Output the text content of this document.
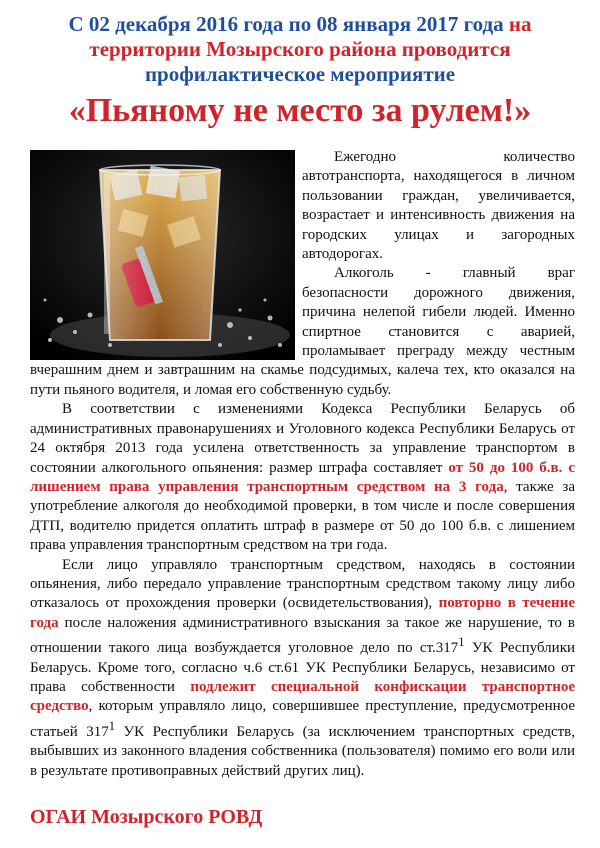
С 02 декабря 2016 года по 08 января 2017 года на
территории Мозырского района проводится
профилактическое мероприятие
«Пьяному не место за рулем!»

Ежегодно количество автотранспорта, находящегося в личном пользовании граждан, увеличивается, возрастает и интенсивность движения на городских улицах и загородных автодорогах.

Алкоголь - главный враг безопасности дорожного движения, причина нелепой гибели людей. Именно спиртное становится с аварией, проламывает преграду между честным вчерашним днем и завтрашним на скамье подсудимых, калеча тех, кто оказался на пути пьяного водителя, и ломая его собственную судьбу.

В соответствии с изменениями Кодекса Республики Беларусь об административных правонарушениях и Уголовного кодекса Республики Беларусь от 24 октября 2013 года усилена ответственность за управление транспортом в состоянии алкогольного опьянения: размер штрафа составляет от 50 до 100 б.в. с лишением права управления транспортным средством на 3 года, также за употребление алкоголя до необходимой проверки, в том числе и после совершения ДТП, водителю придется оплатить штраф в размере от 50 до 100 б.в. с лишением права управления транспортным средством на три года.

Если лицо управляло транспортным средством, находясь в состоянии опьянения, либо передало управление транспортным средством такому лицу либо отказалось от прохождения проверки (освидетельствования), повторно в течение года после наложения административного взыскания за такое же нарушение, то в отношении такого лица возбуждается уголовное дело по ст.317$^1$ УК Республики Беларусь. Кроме того, согласно ч.6 ст.61 УК Республики Беларусь, независимо от права собственности подлежит специальной конфискации транспортное средство, которым управляло лицо, совершившее преступление, предусмотренное статьей $317^1$ УК Республики Беларусь (за исключением транспортных средств, выбывших из законного владения собственника (пользователя) помимо его воли или в результате противоправных действий других лиц).

ОГАИ Мозырского РОВД
